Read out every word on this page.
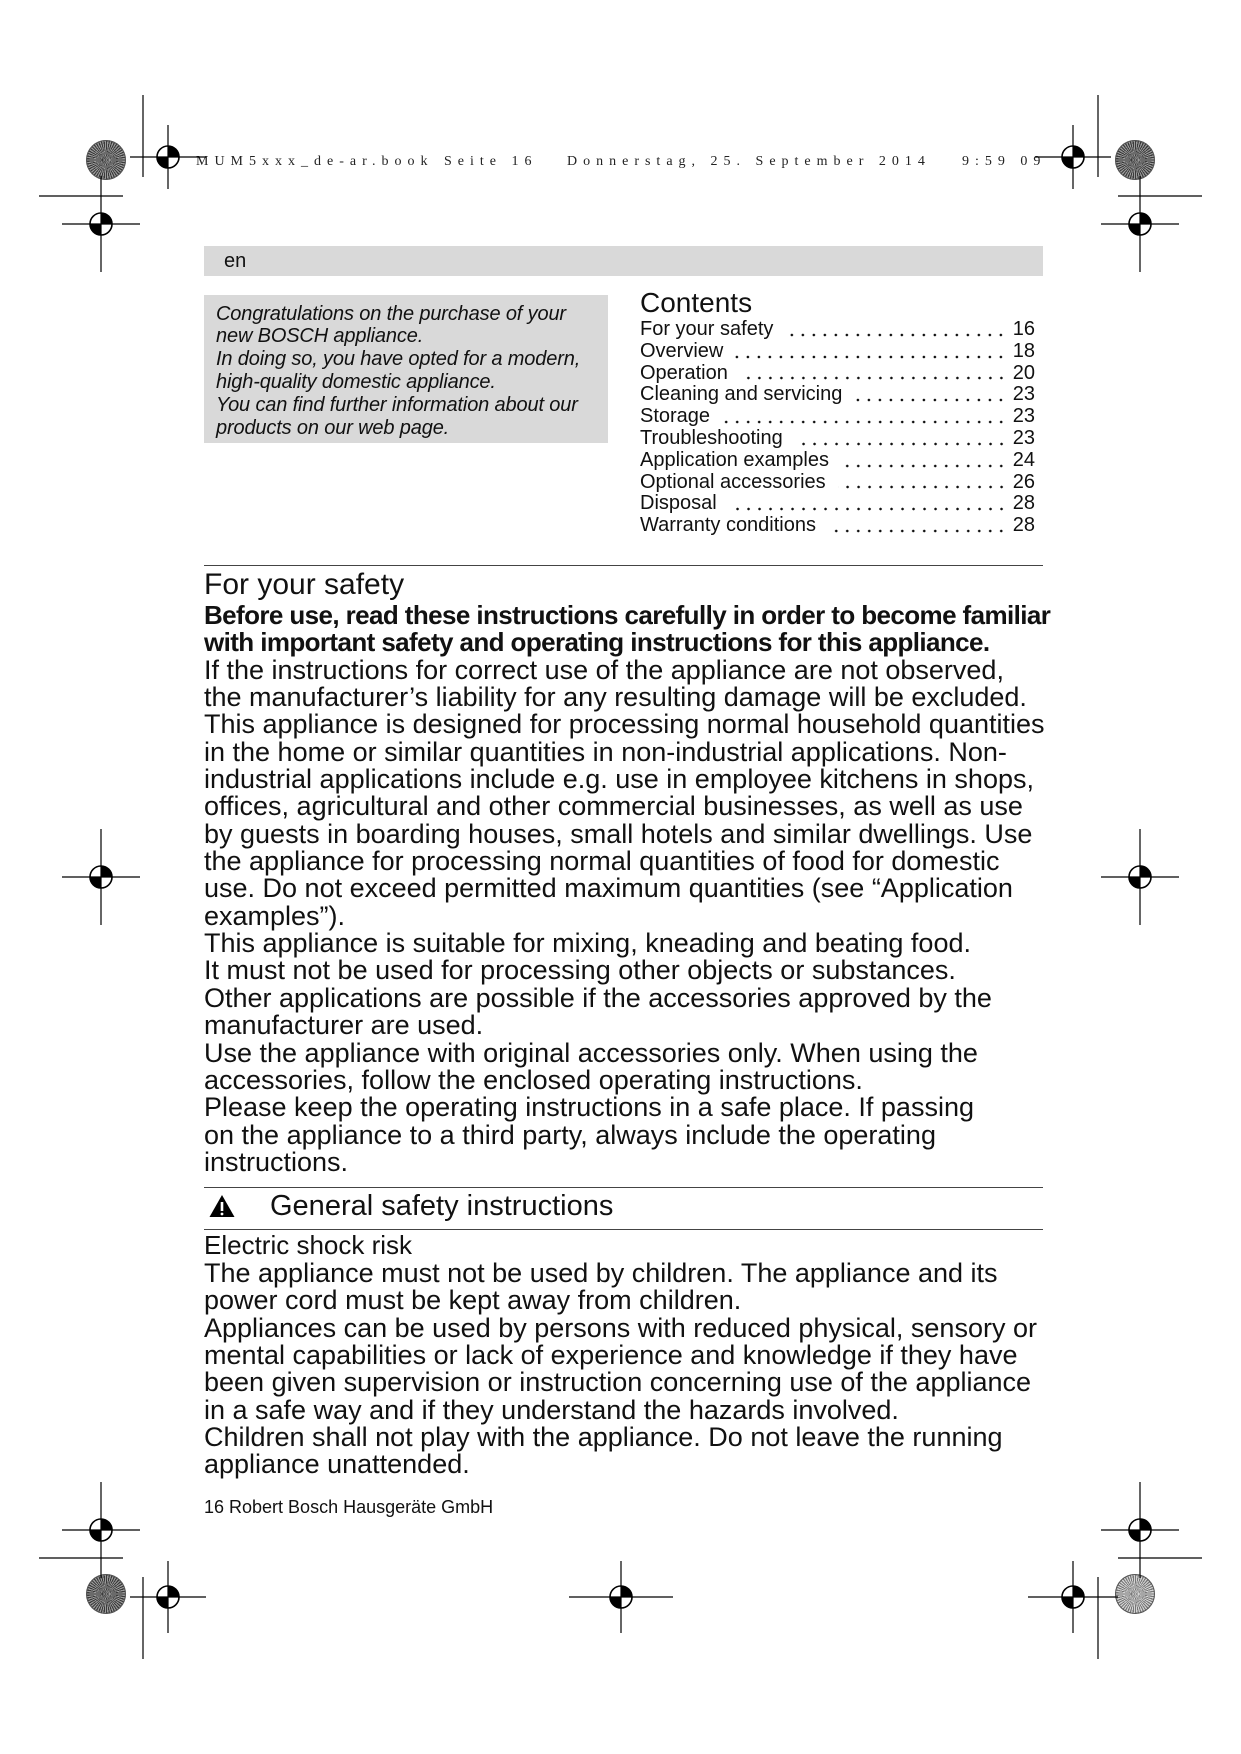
MUM5xxx_de-ar.book Seite 16 Donnerstag, 25. September 2014 9:59 09
en
Congratulations on the purchase of your
new BOSCH appliance.
In doing so, you have opted for a modern,
high-quality domestic appliance.
You can find further information about our
products on our web page.
Contents
For your safety	16
Overview	18
Operation	20
Cleaning and servicing	23
Storage	23
Troubleshooting	23
Application examples	24
Optional accessories	26
Disposal	28
Warranty conditions	28
For your safety
Before use, read these instructions carefully in order to become familiar
with important safety and operating instructions for this appliance.
If the instructions for correct use of the appliance are not observed,
the manufacturer’s liability for any resulting damage will be excluded.
This appliance is designed for processing normal household quantities
in the home or similar quantities in non-industrial applications. Non-
industrial applications include e.g. use in employee kitchens in shops,
offices, agricultural and other commercial businesses, as well as use
by guests in boarding houses, small hotels and similar dwellings. Use
the appliance for processing normal quantities of food for domestic
use. Do not exceed permitted maximum quantities (see “Application
examples”).
This appliance is suitable for mixing, kneading and beating food.
It must not be used for processing other objects or substances.
Other applications are possible if the accessories approved by the
manufacturer are used.
Use the appliance with original accessories only. When using the
accessories, follow the enclosed operating instructions.
Please keep the operating instructions in a safe place. If passing
on the appliance to a third party, always include the operating
instructions.
General safety instructions
Electric shock risk
The appliance must not be used by children. The appliance and its
power cord must be kept away from children.
Appliances can be used by persons with reduced physical, sensory or
mental capabilities or lack of experience and knowledge if they have
been given supervision or instruction concerning use of the appliance
in a safe way and if they understand the hazards involved.
Children shall not play with the appliance. Do not leave the running
appliance unattended.
16 Robert Bosch Hausgeräte GmbH
